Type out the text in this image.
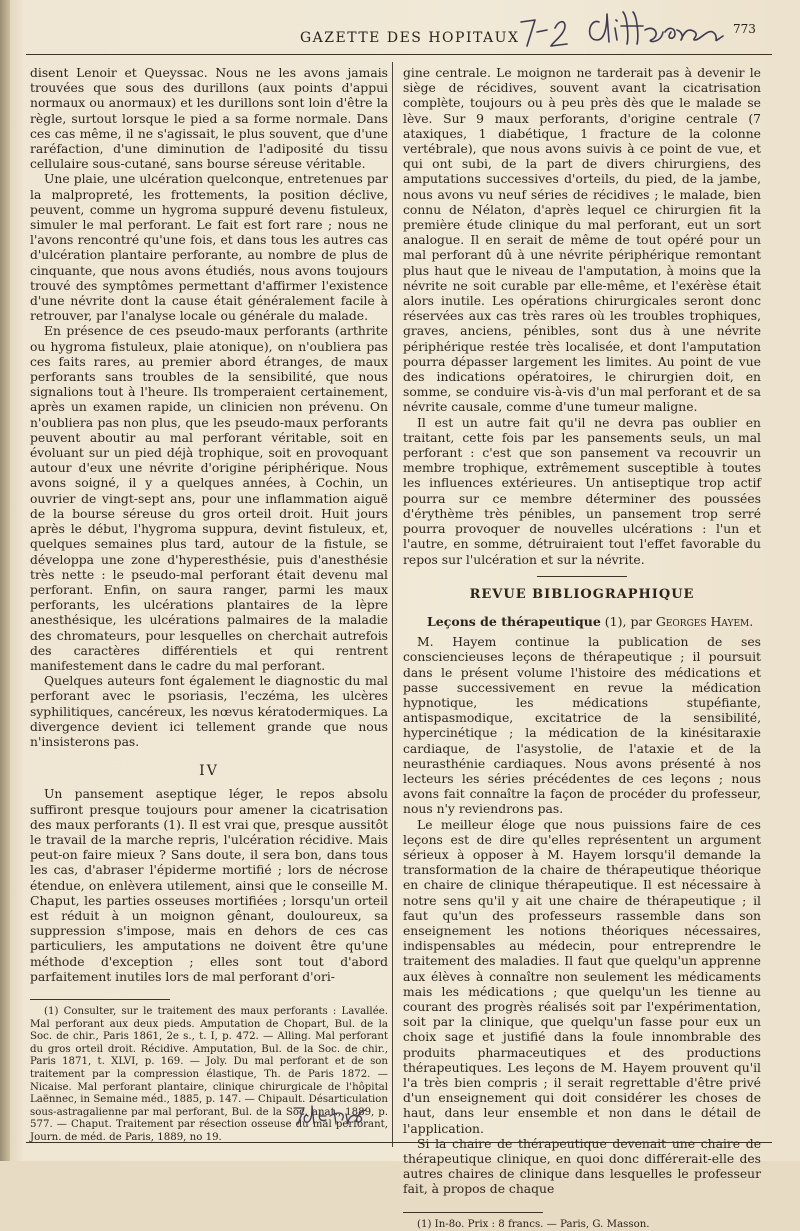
GAZETTE DES HOPITAUX
773

disent Lenoir et Queyssac. Nous ne les avons jamais trouvées que sous des durillons (aux points d'appui normaux ou anormaux) et les durillons sont loin d'être la règle, surtout lorsque le pied a sa forme normale. Dans ces cas même, il ne s'agissait, le plus souvent, que d'une raréfaction, d'une diminution de l'adiposité du tissu cellulaire sous-cutané, sans bourse séreuse véritable.

Une plaie, une ulcération quelconque, entretenues par la malpropreté, les frottements, la position déclive, peuvent, comme un hygroma suppuré devenu fistuleux, simuler le mal perforant. Le fait est fort rare ; nous ne l'avons rencontré qu'une fois, et dans tous les autres cas d'ulcération plantaire perforante, au nombre de plus de cinquante, que nous avons étudiés, nous avons toujours trouvé des symptômes permettant d'affirmer l'existence d'une névrite dont la cause était généralement facile à retrouver, par l'analyse locale ou générale du malade.

En présence de ces pseudo-maux perforants (arthrite ou hygroma fistuleux, plaie atonique), on n'oubliera pas ces faits rares, au premier abord étranges, de maux perforants sans troubles de la sensibilité, que nous signalions tout à l'heure. Ils tromperaient certainement, après un examen rapide, un clinicien non prévenu. On n'oubliera pas non plus, que les pseudo-maux perforants peuvent aboutir au mal perforant véritable, soit en évoluant sur un pied déjà trophique, soit en provoquant autour d'eux une névrite d'origine périphérique. Nous avons soigné, il y a quelques années, à Cochin, un ouvrier de vingt-sept ans, pour une inflammation aiguë de la bourse séreuse du gros orteil droit. Huit jours après le début, l'hygroma suppura, devint fistuleux, et, quelques semaines plus tard, autour de la fistule, se développa une zone d'hyperesthésie, puis d'anesthésie très nette : le pseudo-mal perforant était devenu mal perforant. Enfin, on saura ranger, parmi les maux perforants, les ulcérations plantaires de la lèpre anesthésique, les ulcérations palmaires de la maladie des chromateurs, pour lesquelles on cherchait autrefois des caractères différentiels et qui rentrent manifestement dans le cadre du mal perforant.

Quelques auteurs font également le diagnostic du mal perforant avec le psoriasis, l'eczéma, les ulcères syphilitiques, cancéreux, les nœvus kératodermiques. La divergence devient ici tellement grande que nous n'insisterons pas.

IV

Un pansement aseptique léger, le repos absolu suffiront presque toujours pour amener la cicatrisation des maux perforants (1). Il est vrai que, presque aussitôt le travail de la marche repris, l'ulcération récidive. Mais peut-on faire mieux ? Sans doute, il sera bon, dans tous les cas, d'abraser l'épiderme mortifié ; lors de nécrose étendue, on enlèvera utilement, ainsi que le conseille M. Chaput, les parties osseuses mortifiées ; lorsqu'un orteil est réduit à un moignon gênant, douloureux, sa suppression s'impose, mais en dehors de ces cas particuliers, les amputations ne doivent être qu'une méthode d'exception ; elles sont tout d'abord parfaitement inutiles lors de mal perforant d'ori-

(1) Consulter, sur le traitement des maux perforants : Lavallée. Mal perforant aux deux pieds. Amputation de Chopart, Bul. de la Soc. de chir., Paris 1861, 2e s., t. I, p. 472. — Alling. Mal perforant du gros orteil droit. Récidive. Amputation, Bul. de la Soc. de chir., Paris 1871, t. XLVI, p. 169. — Joly. Du mal perforant et de son traitement par la compression élastique, Th. de Paris 1872. — Nicaise. Mal perforant plantaire, clinique chirurgicale de l'hôpital Laënnec, in Semaine méd., 1885, p. 147. — Chipault. Désarticulation sous-astragalienne par mal perforant, Bul. de la Soc. anat., 1889, p. 577. — Chaput. Traitement par résection osseuse du mal perforant, Journ. de méd. de Paris, 1889, no 19.

gine centrale. Le moignon ne tarderait pas à devenir le siège de récidives, souvent avant la cicatrisation complète, toujours ou à peu près dès que le malade se lève. Sur 9 maux perforants, d'origine centrale (7 ataxiques, 1 diabétique, 1 fracture de la colonne vertébrale), que nous avons suivis à ce point de vue, et qui ont subi, de la part de divers chirurgiens, des amputations successives d'orteils, du pied, de la jambe, nous avons vu neuf séries de récidives ; le malade, bien connu de Nélaton, d'après lequel ce chirurgien fit la première étude clinique du mal perforant, eut un sort analogue. Il en serait de même de tout opéré pour un mal perforant dû à une névrite périphérique remontant plus haut que le niveau de l'amputation, à moins que la névrite ne soit curable par elle-même, et l'exérèse était alors inutile. Les opérations chirurgicales seront donc réservées aux cas très rares où les troubles trophiques, graves, anciens, pénibles, sont dus à une névrite périphérique restée très localisée, et dont l'amputation pourra dépasser largement les limites. Au point de vue des indications opératoires, le chirurgien doit, en somme, se conduire vis-à-vis d'un mal perforant et de sa névrite causale, comme d'une tumeur maligne.

Il est un autre fait qu'il ne devra pas oublier en traitant, cette fois par les pansements seuls, un mal perforant : c'est que son pansement va recouvrir un membre trophique, extrêmement susceptible à toutes les influences extérieures. Un antiseptique trop actif pourra sur ce membre déterminer des poussées d'érythème très pénibles, un pansement trop serré pourra provoquer de nouvelles ulcérations : l'un et l'autre, en somme, détruiraient tout l'effet favorable du repos sur l'ulcération et sur la névrite.

REVUE BIBLIOGRAPHIQUE
Leçons de thérapeutique (1), par Georges Hayem.

M. Hayem continue la publication de ses consciencieuses leçons de thérapeutique ; il poursuit dans le présent volume l'histoire des médications et passe successivement en revue la médication hypnotique, les médications stupéfiante, antispasmodique, excitatrice de la sensibilité, hypercinétique ; la médication de la kinésitaraxie cardiaque, de l'asystolie, de l'ataxie et de la neurasthénie cardiaques. Nous avons présenté à nos lecteurs les séries précédentes de ces leçons ; nous avons fait connaître la façon de procéder du professeur, nous n'y reviendrons pas.

Le meilleur éloge que nous puissions faire de ces leçons est de dire qu'elles représentent un argument sérieux à opposer à M. Hayem lorsqu'il demande la transformation de la chaire de thérapeutique théorique en chaire de clinique thérapeutique. Il est nécessaire à notre sens qu'il y ait une chaire de thérapeutique ; il faut qu'un des professeurs rassemble dans son enseignement les notions théoriques nécessaires, indispensables au médecin, pour entreprendre le traitement des maladies. Il faut que quelqu'un apprenne aux élèves à connaître non seulement les médicaments mais les médications ; que quelqu'un les tienne au courant des progrès réalisés soit par l'expérimentation, soit par la clinique, que quelqu'un fasse pour eux un choix sage et justifié dans la foule innombrable des produits pharmaceutiques et des productions thérapeutiques. Les leçons de M. Hayem prouvent qu'il l'a très bien compris ; il serait regrettable d'être privé d'un enseignement qui doit considérer les choses de haut, dans leur ensemble et non dans le détail de l'application.

Si la chaire de thérapeutique devenait une chaire de thérapeutique clinique, en quoi donc différerait-elle des autres chaires de clinique dans lesquelles le professeur fait, à propos de chaque

(1) In-8o. Prix : 8 francs. — Paris, G. Masson.
